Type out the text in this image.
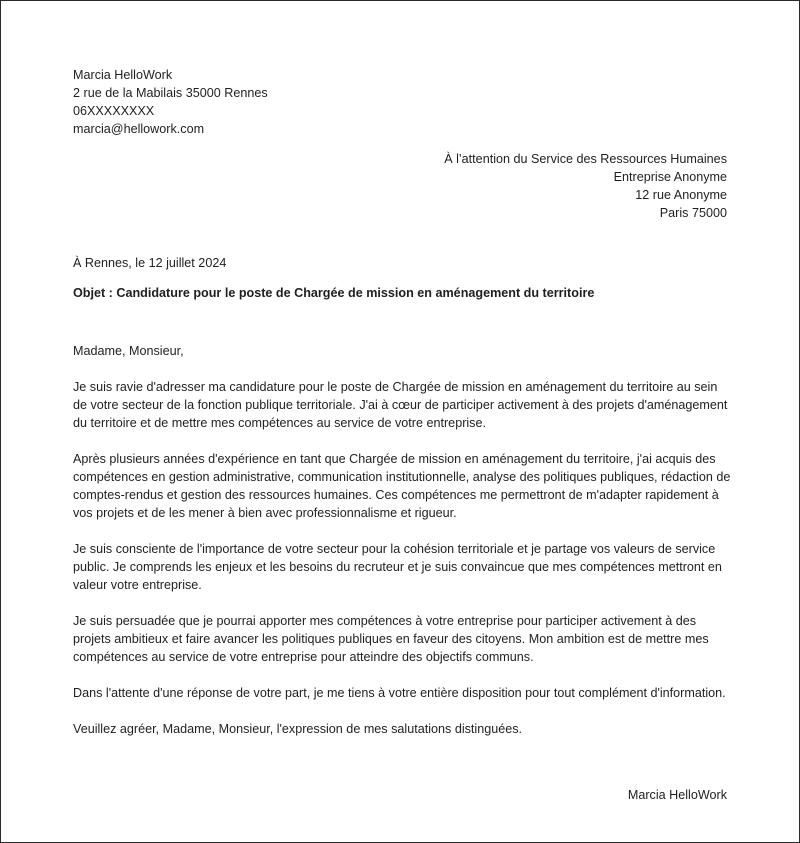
Marcia HelloWork
2 rue de la Mabilais 35000 Rennes
06XXXXXXXX
marcia@hellowork.com
À l’attention du Service des Ressources Humaines
Entreprise Anonyme
12 rue Anonyme
Paris 75000
À Rennes, le 12 juillet 2024
Objet : Candidature pour le poste de Chargée de mission en aménagement du territoire

Madame, Monsieur,

Je suis ravie d'adresser ma candidature pour le poste de Chargée de mission en aménagement du territoire au sein de votre secteur de la fonction publique territoriale. J'ai à cœur de participer activement à des projets d'aménagement du territoire et de mettre mes compétences au service de votre entreprise.

Après plusieurs années d'expérience en tant que Chargée de mission en aménagement du territoire, j'ai acquis des compétences en gestion administrative, communication institutionnelle, analyse des politiques publiques, rédaction de comptes-rendus et gestion des ressources humaines. Ces compétences me permettront de m'adapter rapidement à vos projets et de les mener à bien avec professionnalisme et rigueur.

Je suis consciente de l'importance de votre secteur pour la cohésion territoriale et je partage vos valeurs de service public. Je comprends les enjeux et les besoins du recruteur et je suis convaincue que mes compétences mettront en valeur votre entreprise.

Je suis persuadée que je pourrai apporter mes compétences à votre entreprise pour participer activement à des projets ambitieux et faire avancer les politiques publiques en faveur des citoyens. Mon ambition est de mettre mes compétences au service de votre entreprise pour atteindre des objectifs communs.

Dans l'attente d'une réponse de votre part, je me tiens à votre entière disposition pour tout complément d'information.

Veuillez agréer, Madame, Monsieur, l'expression de mes salutations distinguées.

Marcia HelloWork
